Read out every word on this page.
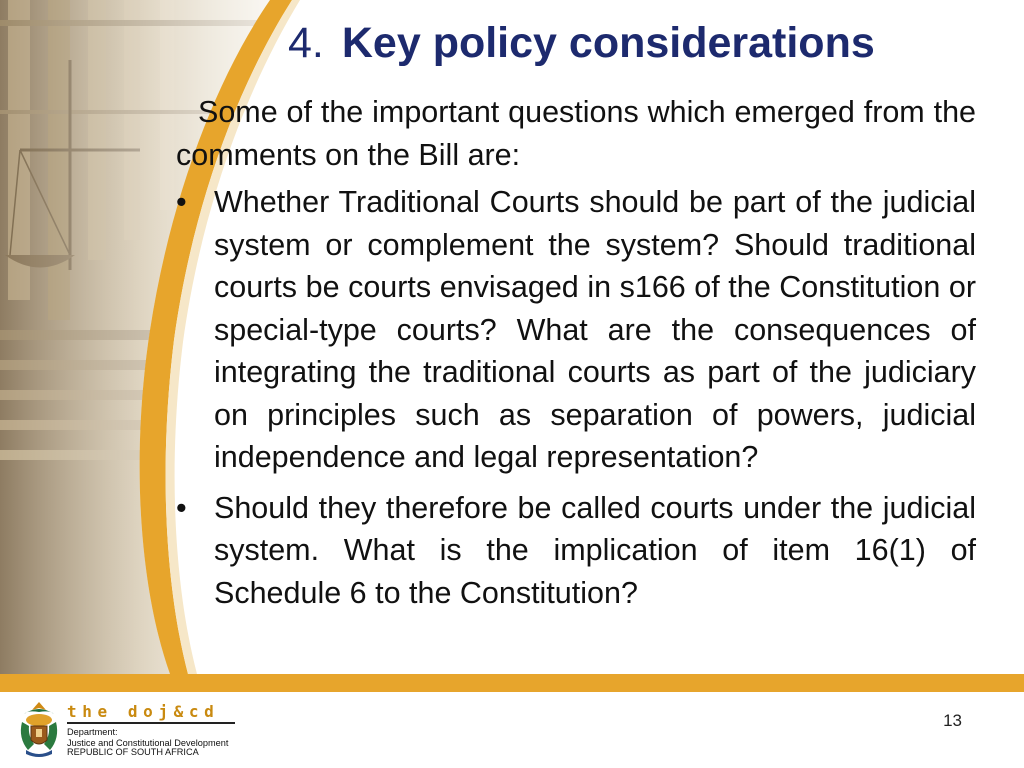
4. Key policy considerations

Some of the important questions which emerged from the comments on the Bill are:

• Whether Traditional Courts should be part of the judicial system or complement the system? Should traditional courts be courts envisaged in s166 of the Constitution or special-type courts? What are the consequences of integrating the traditional courts as part of the judiciary on principles such as separation of powers, judicial independence and legal representation?
• Should they therefore be called courts under the judicial system. What is the implication of item 16(1) of Schedule 6 to the Constitution?
the doj&cd
Department:
Justice and Constitutional Development
REPUBLIC OF SOUTH AFRICA
13
